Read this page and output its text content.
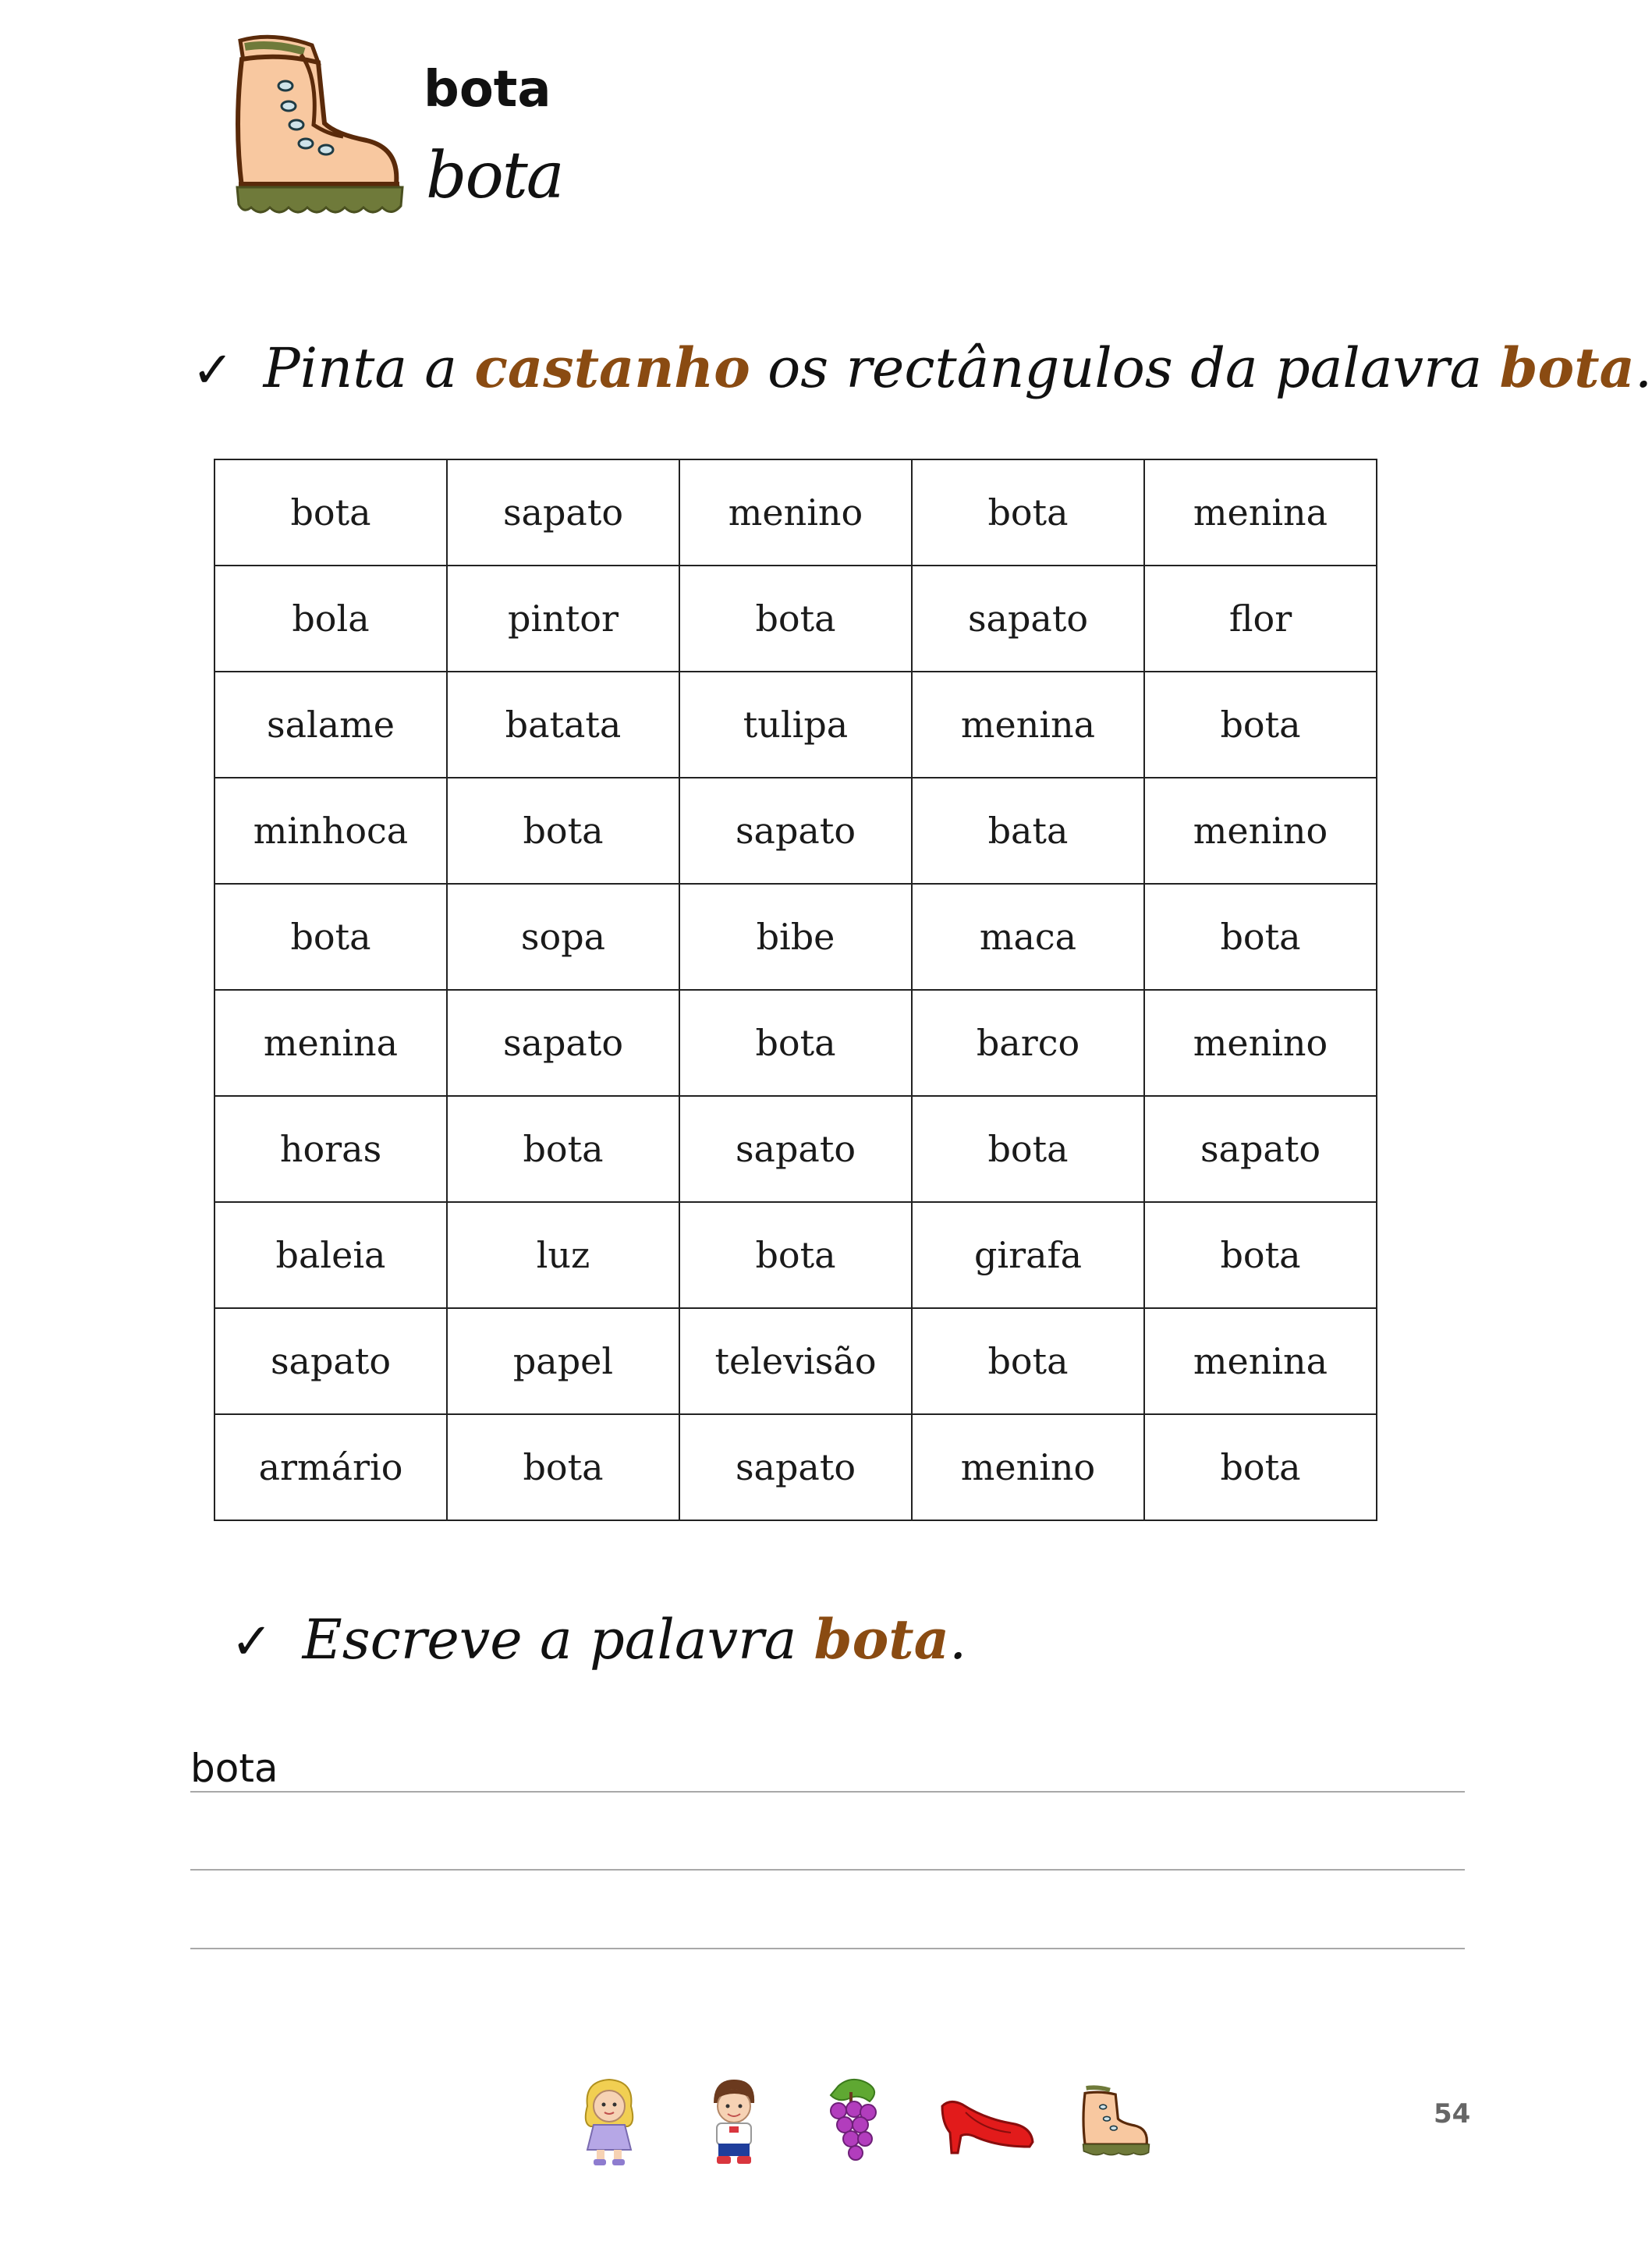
bota
bota
✓ Pinta a castanho os rectângulos da palavra bota.
bota	sapato	menino	bota	menina
bola	pintor	bota	sapato	flor
salame	batata	tulipa	menina	bota
minhoca	bota	sapato	bata	menino
bota	sopa	bibe	maca	bota
menina	sapato	bota	barco	menino
horas	bota	sapato	bota	sapato
baleia	luz	bota	girafa	bota
sapato	papel	televisão	bota	menina
armário	bota	sapato	menino	bota
✓ Escreve a palavra bota.
bota
54
